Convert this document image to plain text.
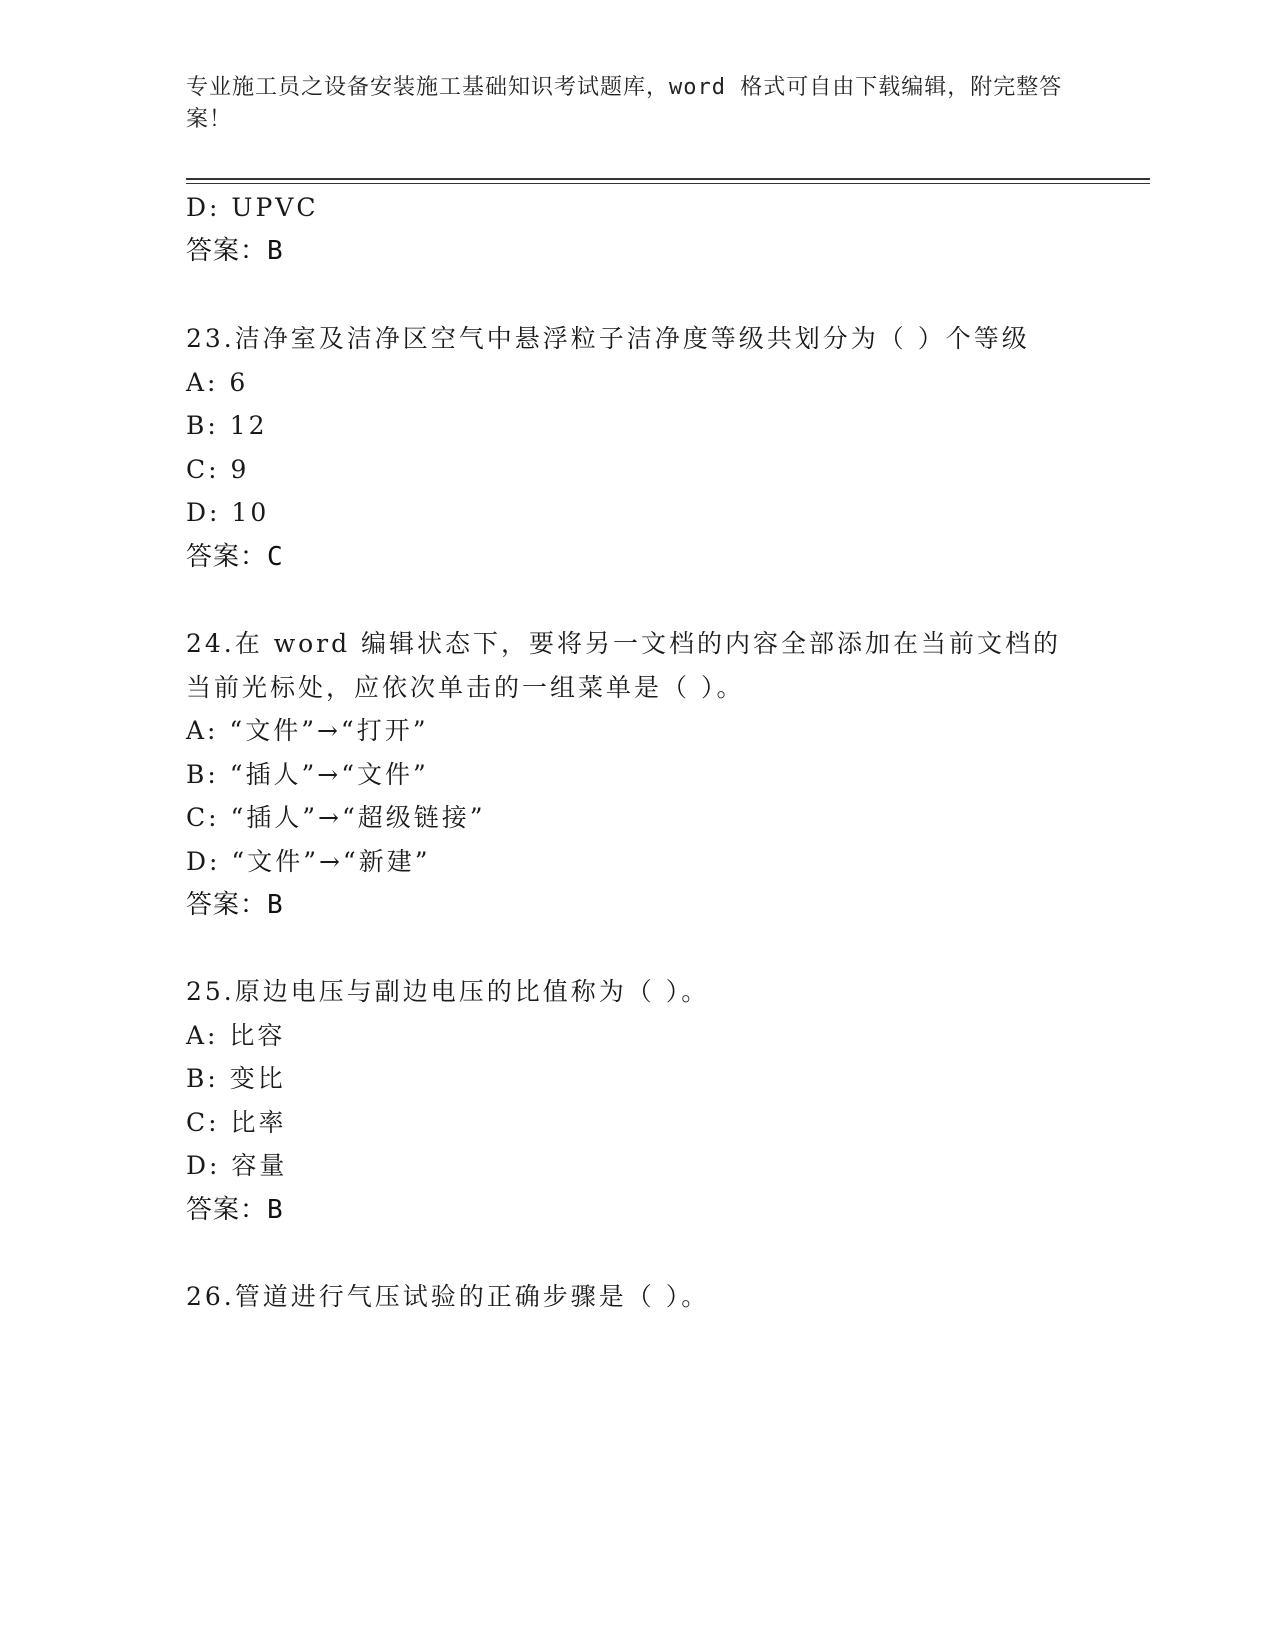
专业施工员之设备安装施工基础知识考试题库，word 格式可自由下载编辑，附完整答案！
D: UPVC
答案：B
23.洁净室及洁净区空气中悬浮粒子洁净度等级共划分为（ ）个等级
A: 6
B: 12
C: 9
D: 10
答案：C
24.在 word 编辑状态下，要将另一文档的内容全部添加在当前文档的
当前光标处，应依次单击的一组菜单是（ ）。
A: “文件”→“打开”
B: “插人”→“文件”
C: “插人”→“超级链接”
D: “文件”→“新建”
答案：B
25.原边电压与副边电压的比值称为（ ）。
A: 比容
B: 变比
C: 比率
D: 容量
答案：B
26.管道进行气压试验的正确步骤是（ ）。
